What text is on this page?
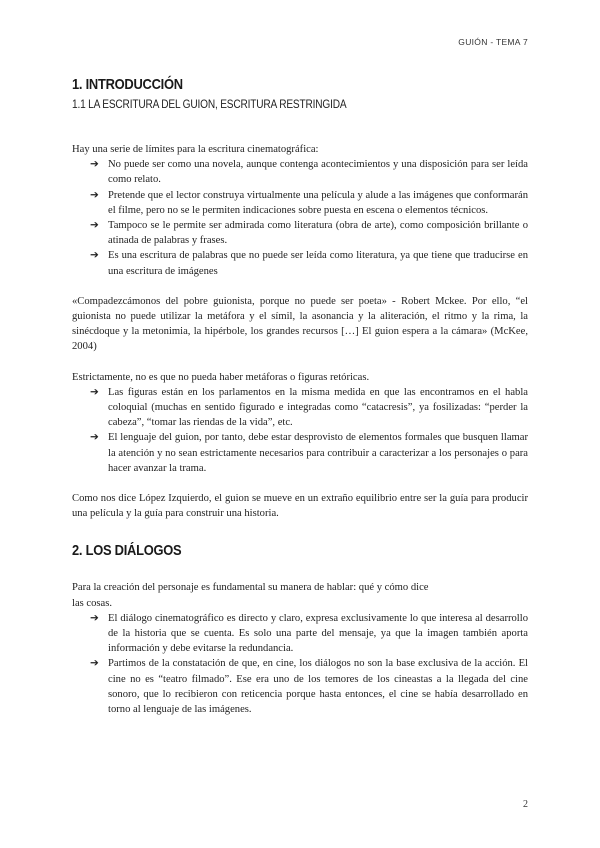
GUIÓN - TEMA 7
1. INTRODUCCIÓN
1.1 LA ESCRITURA DEL GUION, ESCRITURA RESTRINGIDA

Hay una serie de límites para la escritura cinematográfica:

➔ No puede ser como una novela, aunque contenga acontecimientos y una disposición para ser leída como relato.
➔ Pretende que el lector construya virtualmente una película y alude a las imágenes que conformarán el filme, pero no se le permiten indicaciones sobre puesta en escena o elementos técnicos.
➔ Tampoco se le permite ser admirada como literatura (obra de arte), como composición brillante o atinada de palabras y frases.
➔ Es una escritura de palabras que no puede ser leída como literatura, ya que tiene que traducirse en una escritura de imágenes

«Compadezcámonos del pobre guionista, porque no puede ser poeta» - Robert Mckee. Por ello, “el guionista no puede utilizar la metáfora y el símil, la asonancia y la aliteración, el ritmo y la rima, la sinécdoque y la metonimia, la hipérbole, los grandes recursos […] El guion espera a la cámara» (McKee, 2004)

Estrictamente, no es que no pueda haber metáforas o figuras retóricas.

➔ Las figuras están en los parlamentos en la misma medida en que las encontramos en el habla coloquial (muchas en sentido figurado e integradas como “catacresis”, ya fosilizadas: “perder la cabeza”, “tomar las riendas de la vida”, etc.
➔ El lenguaje del guion, por tanto, debe estar desprovisto de elementos formales que busquen llamar la atención y no sean estrictamente necesarios para contribuir a caracterizar a los personajes o para hacer avanzar la trama.

Como nos dice López Izquierdo, el guion se mueve en un extraño equilibrio entre ser la guía para producir una película y la guía para construir una historia.

2. LOS DIÁLOGOS

Para la creación del personaje es fundamental su manera de hablar: qué y cómo dice

las cosas.

➔ El diálogo cinematográfico es directo y claro, expresa exclusivamente lo que interesa al desarrollo de la historia que se cuenta. Es solo una parte del mensaje, ya que la imagen también aporta información y debe evitarse la redundancia.
➔ Partimos de la constatación de que, en cine, los diálogos no son la base exclusiva de la acción. El cine no es “teatro filmado”. Ese era uno de los temores de los cineastas a la llegada del cine sonoro, que lo recibieron con reticencia porque hasta entonces, el cine se había desarrollado en torno al lenguaje de las imágenes.
2
